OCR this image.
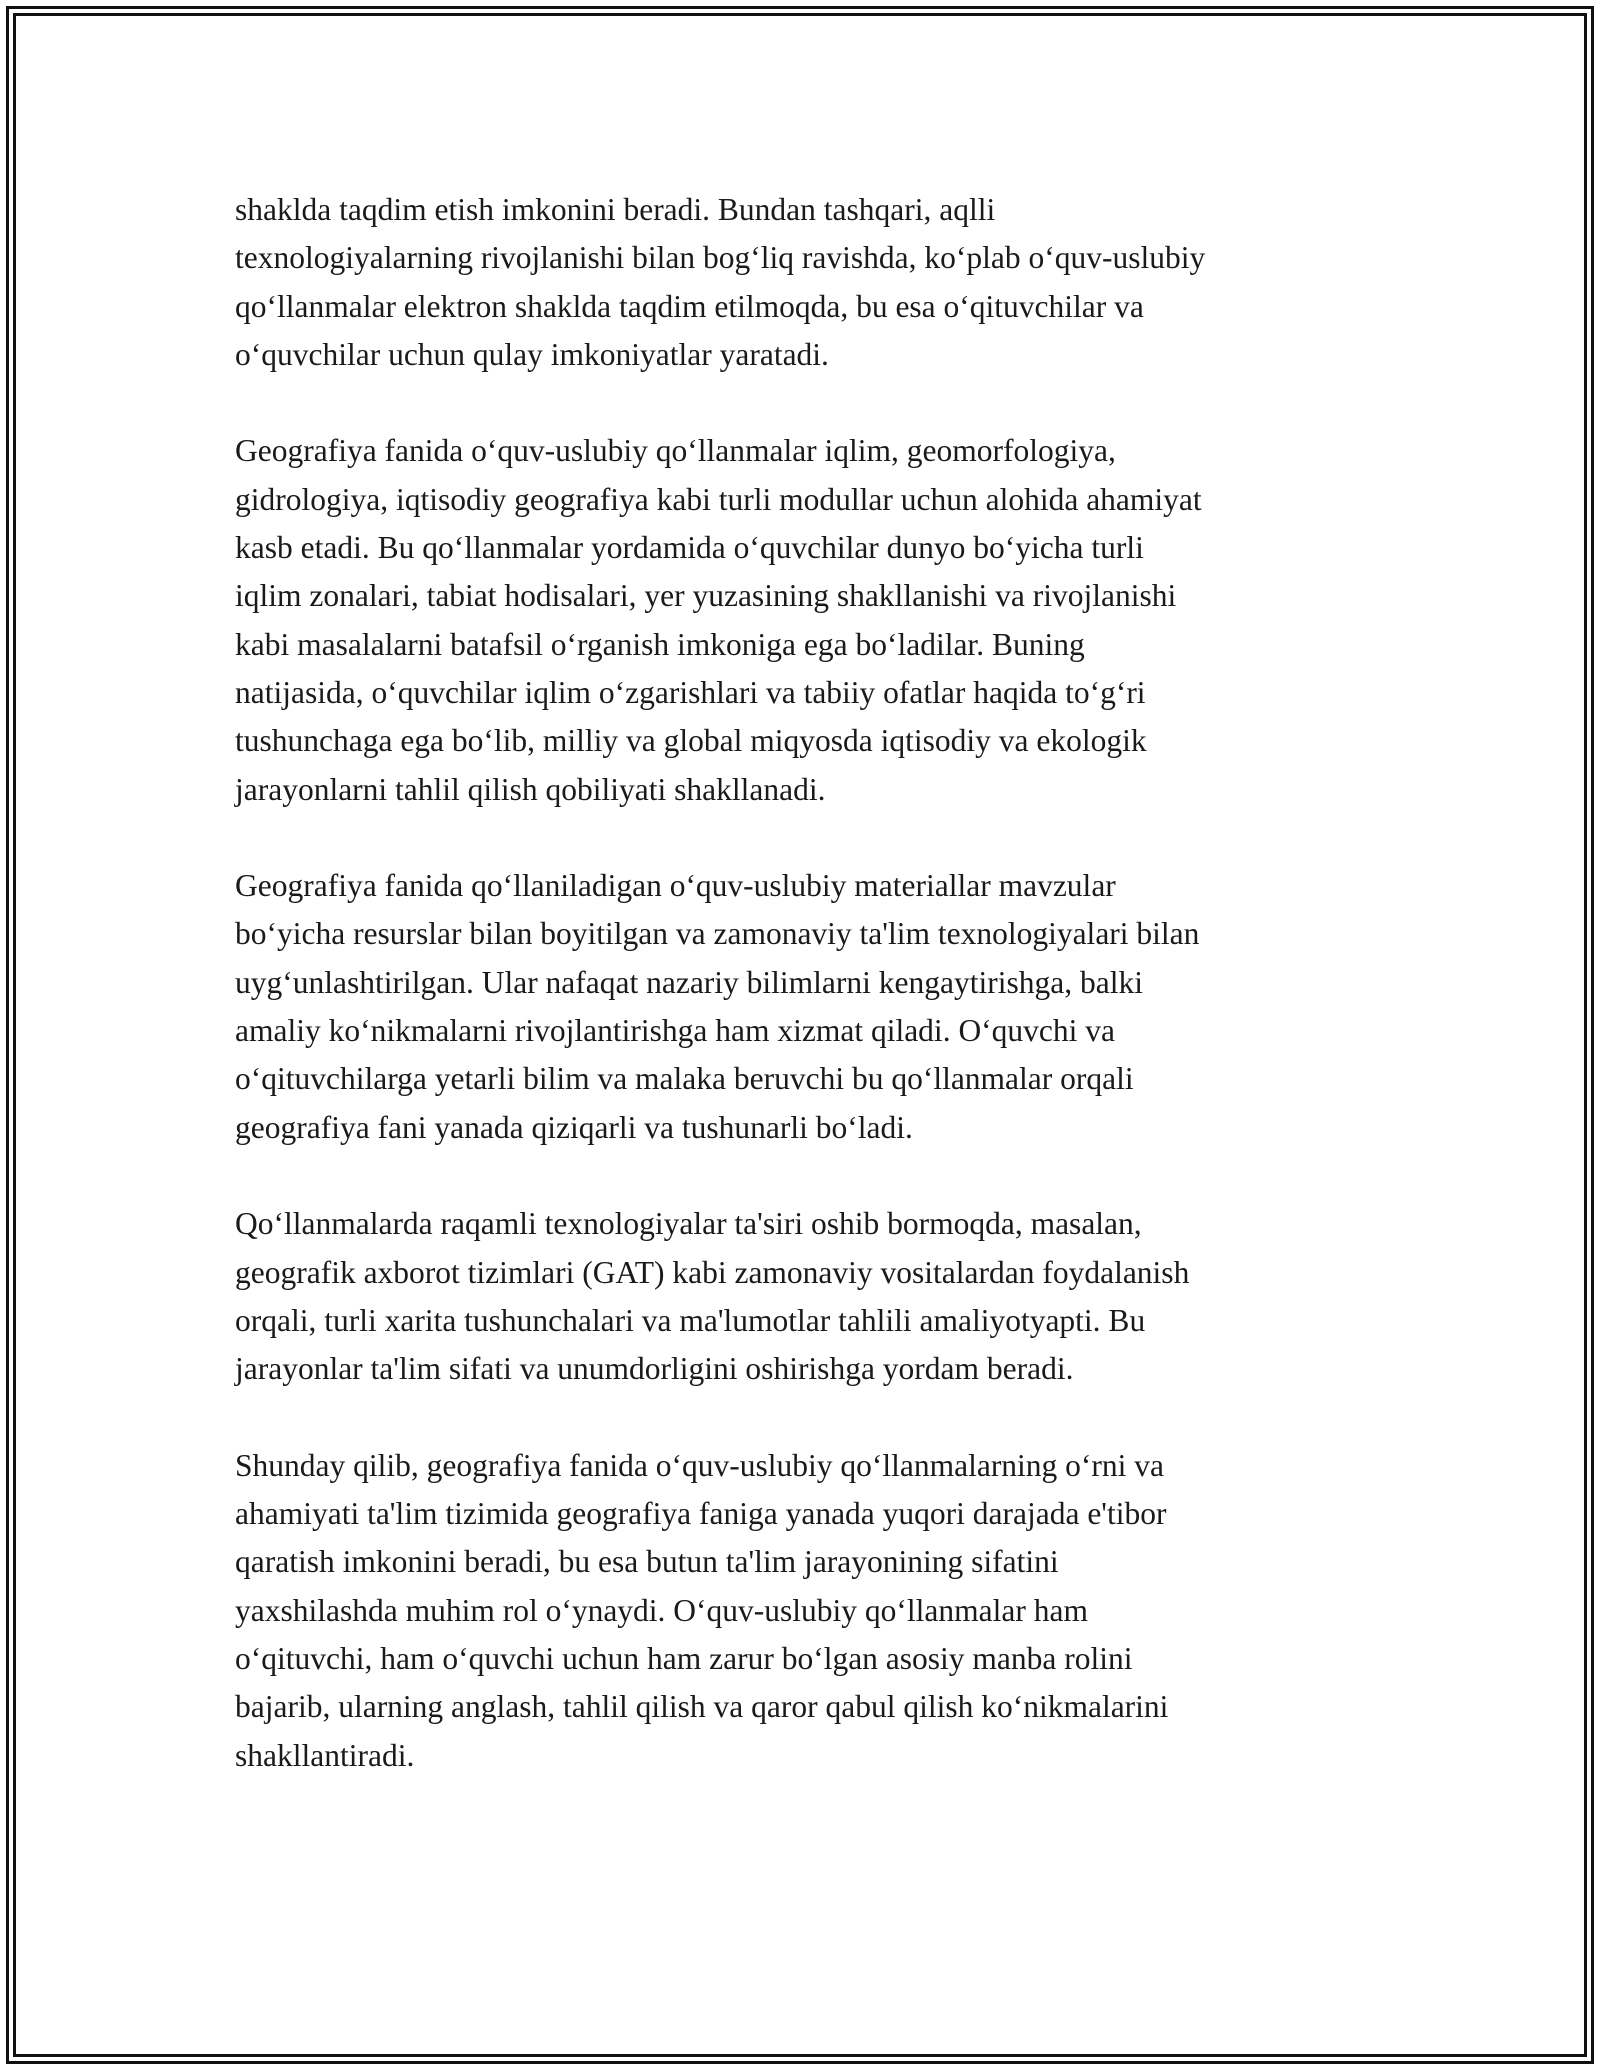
shaklda taqdim etish imkonini beradi. Bundan tashqari, aqlli
texnologiyalarning rivojlanishi bilan bog‘liq ravishda, ko‘plab o‘quv-uslubiy
qo‘llanmalar elektron shaklda taqdim etilmoqda, bu esa o‘qituvchilar va
o‘quvchilar uchun qulay imkoniyatlar yaratadi.

Geografiya fanida o‘quv-uslubiy qo‘llanmalar iqlim, geomorfologiya,
gidrologiya, iqtisodiy geografiya kabi turli modullar uchun alohida ahamiyat
kasb etadi. Bu qo‘llanmalar yordamida o‘quvchilar dunyo bo‘yicha turli
iqlim zonalari, tabiat hodisalari, yer yuzasining shakllanishi va rivojlanishi
kabi masalalarni batafsil o‘rganish imkoniga ega bo‘ladilar. Buning
natijasida, o‘quvchilar iqlim o‘zgarishlari va tabiiy ofatlar haqida to‘g‘ri
tushunchaga ega bo‘lib, milliy va global miqyosda iqtisodiy va ekologik
jarayonlarni tahlil qilish qobiliyati shakllanadi.

Geografiya fanida qo‘llaniladigan o‘quv-uslubiy materiallar mavzular
bo‘yicha resurslar bilan boyitilgan va zamonaviy ta'lim texnologiyalari bilan
uyg‘unlashtirilgan. Ular nafaqat nazariy bilimlarni kengaytirishga, balki
amaliy ko‘nikmalarni rivojlantirishga ham xizmat qiladi. O‘quvchi va
o‘qituvchilarga yetarli bilim va malaka beruvchi bu qo‘llanmalar orqali
geografiya fani yanada qiziqarli va tushunarli bo‘ladi.

Qo‘llanmalarda raqamli texnologiyalar ta'siri oshib bormoqda, masalan,
geografik axborot tizimlari (GAT) kabi zamonaviy vositalardan foydalanish
orqali, turli xarita tushunchalari va ma'lumotlar tahlili amaliyotyapti. Bu
jarayonlar ta'lim sifati va unumdorligini oshirishga yordam beradi.

Shunday qilib, geografiya fanida o‘quv-uslubiy qo‘llanmalarning o‘rni va
ahamiyati ta'lim tizimida geografiya faniga yanada yuqori darajada e'tibor
qaratish imkonini beradi, bu esa butun ta'lim jarayonining sifatini
yaxshilashda muhim rol o‘ynaydi. O‘quv-uslubiy qo‘llanmalar ham
o‘qituvchi, ham o‘quvchi uchun ham zarur bo‘lgan asosiy manba rolini
bajarib, ularning anglash, tahlil qilish va qaror qabul qilish ko‘nikmalarini
shakllantiradi.
